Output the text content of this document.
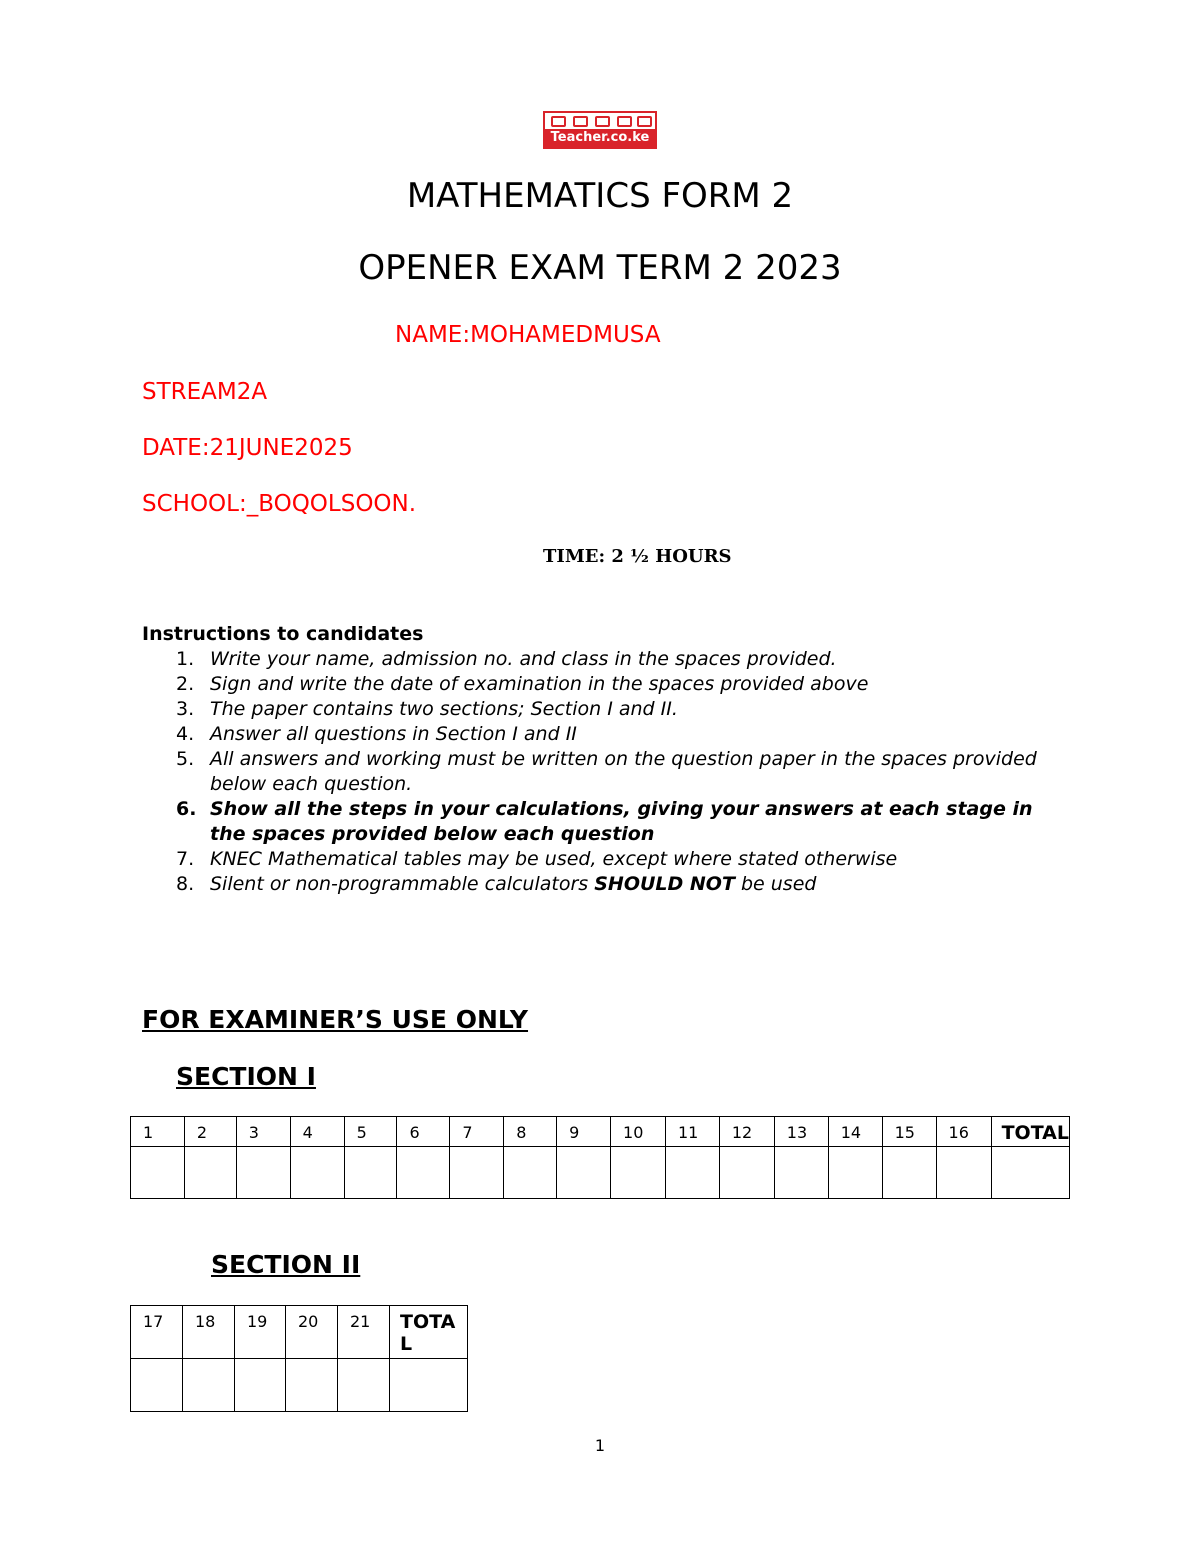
Teacher.co.ke
MATHEMATICS FORM 2
OPENER EXAM TERM 2 2023
NAME:MOHAMEDMUSA
STREAM2A
DATE:21JUNE2025
SCHOOL:_BOQOLSOON.
TIME: 2 ½ HOURS
Instructions to candidates
1. Write your name, admission no. and class in the spaces provided.
2. Sign and write the date of examination in the spaces provided above
3. The paper contains two sections; Section I and II.
4. Answer all questions in Section I and II
5. All answers and working must be written on the question paper in the spaces provided below each question.
6. Show all the steps in your calculations, giving your answers at each stage in the spaces provided below each question
7. KNEC Mathematical tables may be used, except where stated otherwise
8. Silent or non-programmable calculators SHOULD NOT be used
FOR EXAMINER’S USE ONLY
SECTION I
1	2	3	4	5	6	7	8	9	10	11	12	13	14	15	16	TOTAL

SECTION II
17	18	19	20	21	TOTA
L

1
